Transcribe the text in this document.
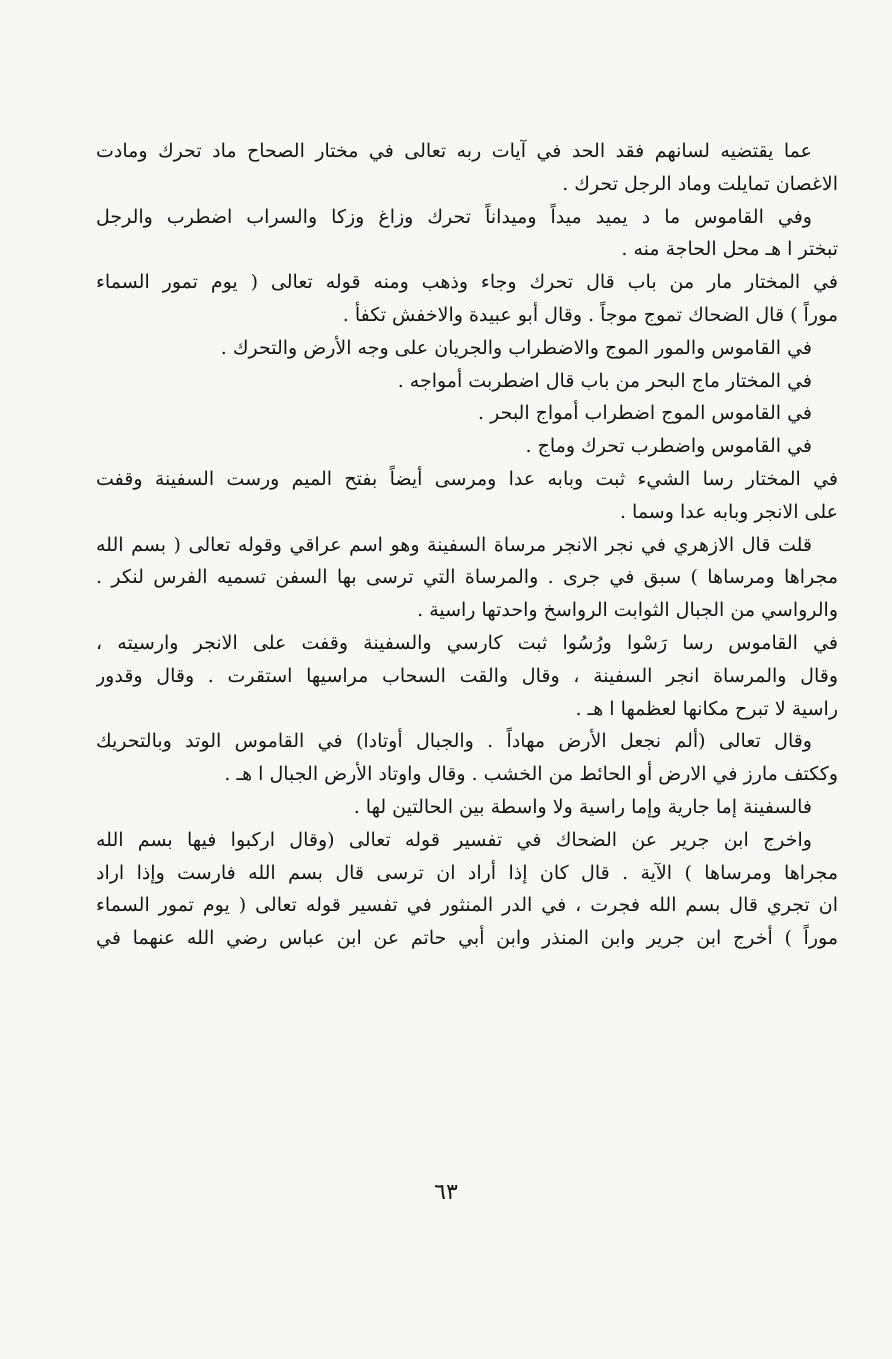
عما يقتضيه لسانهم فقد الحد في آيات ربه تعالى في مختار الصحاح ماد تحرك ومادت
الاغصان تمايلت وماد الرجل تحرك .
وفي القاموس ما د يميد ميداً وميداناً تحرك وزاغ وزكا والسراب اضطرب والرجل
تبختر ا هـ محل الحاجة منه .
في المختار مار من باب قال تحرك وجاء وذهب ومنه قوله تعالى ( يوم تمور السماء
موراً ) قال الضحاك تموج موجاً . وقال أبو عبيدة والاخفش تكفأ .
في القاموس والمور الموج والاضطراب والجريان على وجه الأرض والتحرك .
في المختار ماج البحر من باب قال اضطربت أمواجه .
في القاموس الموج اضطراب أمواج البحر .
في القاموس واضطرب تحرك وماج .
في المختار رسا الشيء ثبت وبابه عدا ومرسى أيضاً بفتح الميم ورست السفينة وقفت
على الانجر وبابه عدا وسما .
قلت قال الازهري في نجر الانجر مرساة السفينة وهو اسم عراقي وقوله تعالى ( بسم الله
مجراها ومرساها ) سبق في جرى . والمرساة التي ترسى بها السفن تسميه الفرس لنكر .
والرواسي من الجبال الثوابت الرواسخ واحدتها راسية .
في القاموس رسا رَسْوا ورُسُوا ثبت كارسي والسفينة وقفت على الانجر وارسيته ،
وقال والمرساة انجر السفينة ، وقال والقت السحاب مراسيها استقرت . وقال وقدور
راسية لا تبرح مكانها لعظمها ا هـ .
وقال تعالى (ألم نجعل الأرض مهاداً . والجبال أوتادا) في القاموس الوتد وبالتحريك
وككتف مارز في الارض أو الحائط من الخشب . وقال واوتاد الأرض الجبال ا هـ .
فالسفينة إما جارية وإما راسية ولا واسطة بين الحالتين لها .
واخرج ابن جرير عن الضحاك في تفسير قوله تعالى (وقال اركبوا فيها بسم الله
مجراها ومرساها ) الآية . قال كان إذا أراد ان ترسى قال بسم الله فارست وإذا اراد
ان تجري قال بسم الله فجرت ، في الدر المنثور في تفسير قوله تعالى ( يوم تمور السماء
موراً ) أخرج ابن جرير وابن المنذر وابن أبي حاتم عن ابن عباس رضي الله عنهما في
٦٣
